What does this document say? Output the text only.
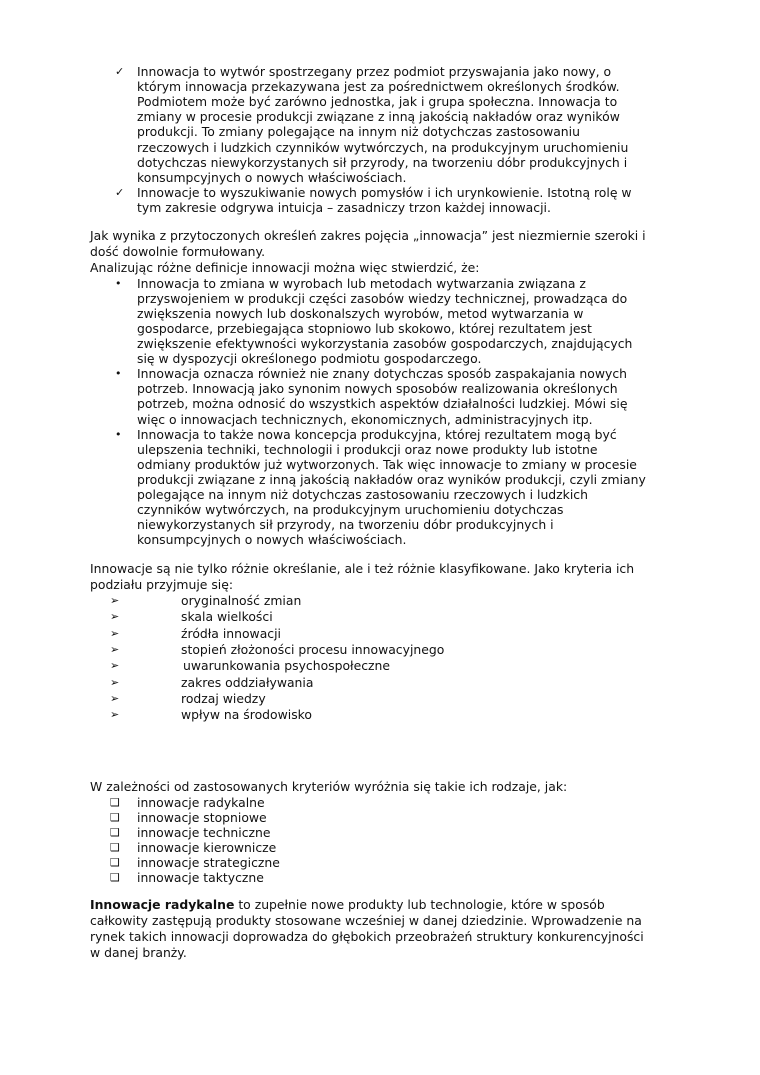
✓ Innowacja to wytwór spostrzegany przez podmiot przyswajania jako nowy, o
którym innowacja przekazywana jest za pośrednictwem określonych środków.
Podmiotem może być zarówno jednostka, jak i grupa społeczna. Innowacja to
zmiany w procesie produkcji związane z inną jakością nakładów oraz wyników
produkcji. To zmiany polegające na innym niż dotychczas zastosowaniu
rzeczowych i ludzkich czynników wytwórczych, na produkcyjnym uruchomieniu
dotychczas niewykorzystanych sił przyrody, na tworzeniu dóbr produkcyjnych i
konsumpcyjnych o nowych właściwościach.
✓ Innowacje to wyszukiwanie nowych pomysłów i ich urynkowienie. Istotną rolę w
tym zakresie odgrywa intuicja – zasadniczy trzon każdej innowacji.
Jak wynika z przytoczonych określeń zakres pojęcia „innowacja” jest niezmiernie szeroki i
dość dowolnie formułowany.
Analizując różne definicje innowacji można więc stwierdzić, że:
• Innowacja to zmiana w wyrobach lub metodach wytwarzania związana z
przyswojeniem w produkcji części zasobów wiedzy technicznej, prowadząca do
zwiększenia nowych lub doskonalszych wyrobów, metod wytwarzania w
gospodarce, przebiegająca stopniowo lub skokowo, której rezultatem jest
zwiększenie efektywności wykorzystania zasobów gospodarczych, znajdujących
się w dyspozycji określonego podmiotu gospodarczego.
• Innowacja oznacza również nie znany dotychczas sposób zaspakajania nowych
potrzeb. Innowacją jako synonim nowych sposobów realizowania określonych
potrzeb, można odnosić do wszystkich aspektów działalności ludzkiej. Mówi się
więc o innowacjach technicznych, ekonomicznych, administracyjnych itp.
• Innowacja to także nowa koncepcja produkcyjna, której rezultatem mogą być
ulepszenia techniki, technologii i produkcji oraz nowe produkty lub istotne
odmiany produktów już wytworzonych. Tak więc innowacje to zmiany w procesie
produkcji związane z inną jakością nakładów oraz wyników produkcji, czyli zmiany
polegające na innym niż dotychczas zastosowaniu rzeczowych i ludzkich
czynników wytwórczych, na produkcyjnym uruchomieniu dotychczas
niewykorzystanych sił przyrody, na tworzeniu dóbr produkcyjnych i
konsumpcyjnych o nowych właściwościach.
Innowacje są nie tylko różnie określanie, ale i też różnie klasyfikowane. Jako kryteria ich
podziału przyjmuje się:
➢	oryginalność zmian
➢	skala wielkości
➢	źródła innowacji
➢	stopień złożoności procesu innowacyjnego
➢	uwarunkowania psychospołeczne
➢	zakres oddziaływania
➢	rodzaj wiedzy
➢	wpływ na środowisko
W zależności od zastosowanych kryteriów wyróżnia się takie ich rodzaje, jak:
❑ innowacje radykalne
❑ innowacje stopniowe
❑ innowacje techniczne
❑ innowacje kierownicze
❑ innowacje strategiczne
❑ innowacje taktyczne
Innowacje radykalne to zupełnie nowe produkty lub technologie, które w sposób
całkowity zastępują produkty stosowane wcześniej w danej dziedzinie. Wprowadzenie na
rynek takich innowacji doprowadza do głębokich przeobrażeń struktury konkurencyjności
w danej branży.
